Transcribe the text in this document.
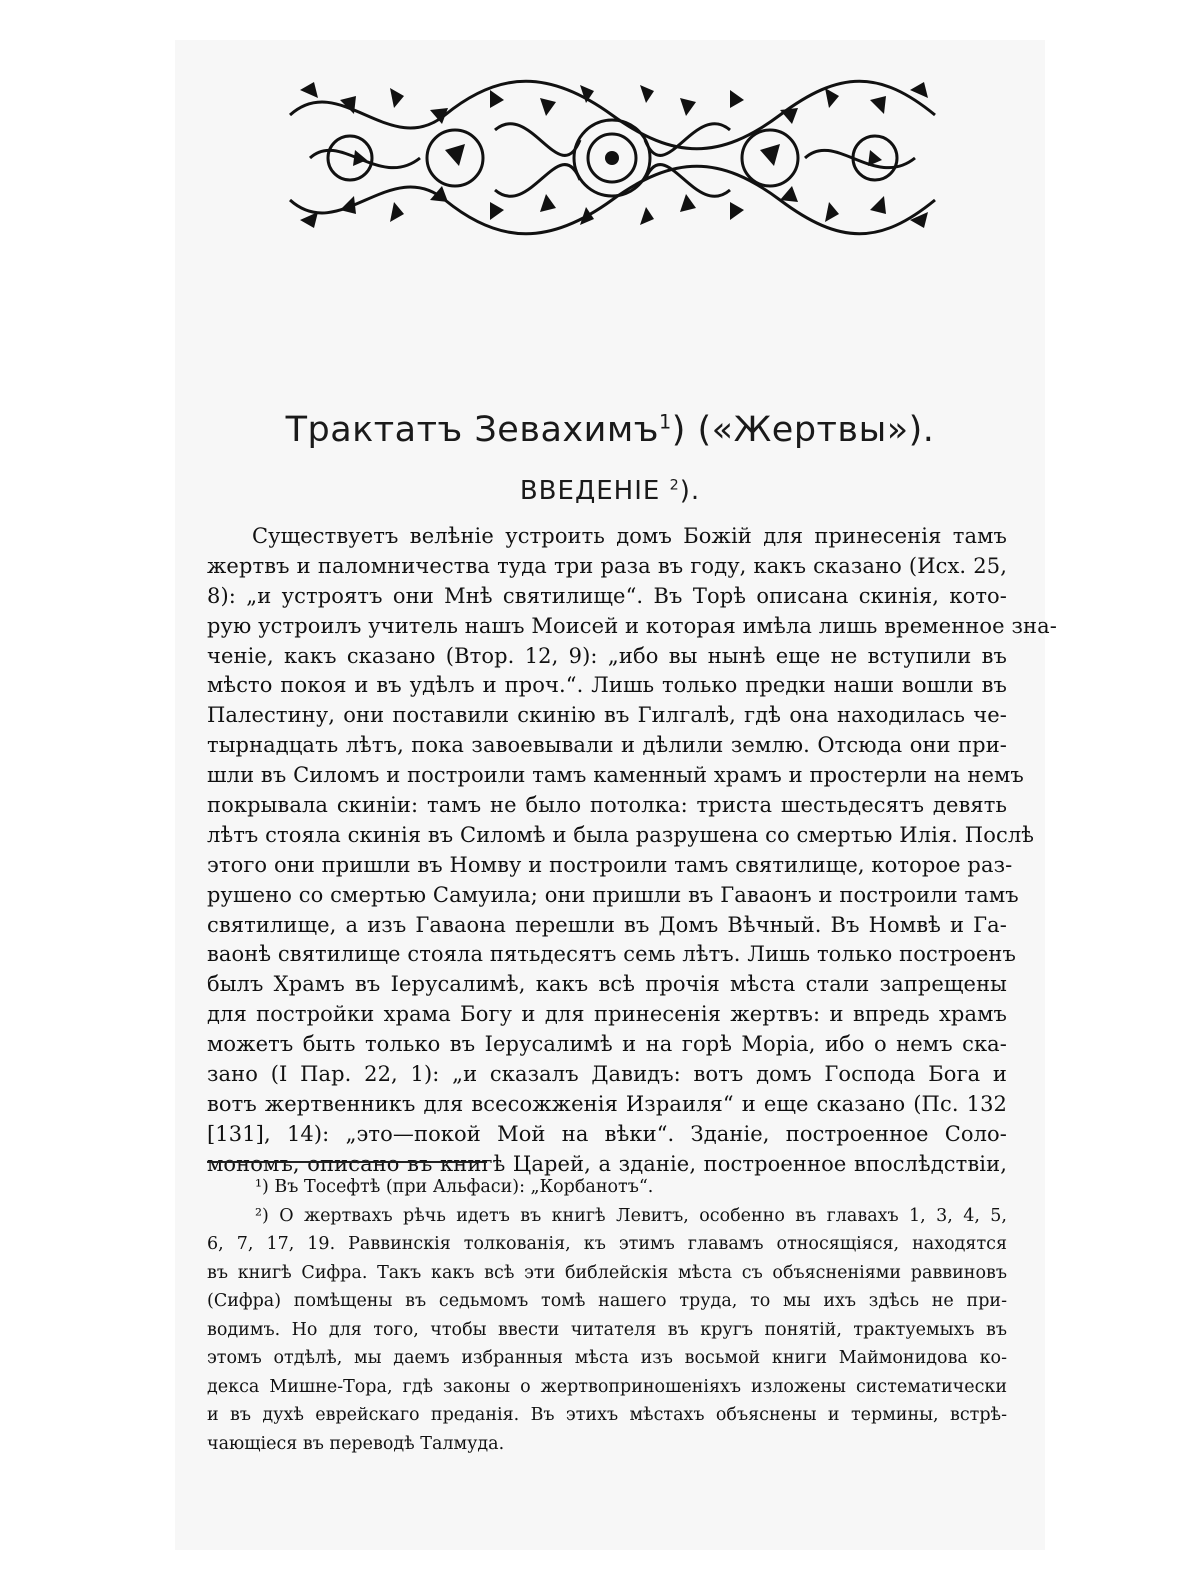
Трактатъ Зевахимъ$^1$) («Жертвы»).
ВВЕДЕНІЕ $^2$).
Существуетъ велѣніе устроить домъ Божій для принесенія тамъ
жертвъ и паломничества туда три раза въ году, какъ сказано (Исх. 25,
8): „и устроятъ они Мнѣ святилище“. Въ Торѣ описана скинія, кото-
рую устроилъ учитель нашъ Моисей и которая имѣла лишь временное зна-
ченіе, какъ сказано (Втор. 12, 9): „ибо вы нынѣ еще не вступили въ
мѣсто покоя и въ удѣлъ и проч.“. Лишь только предки наши вошли въ
Палестину, они поставили скинію въ Гилгалѣ, гдѣ она находилась че-
тырнадцать лѣтъ, пока завоевывали и дѣлили землю. Отсюда они при-
шли въ Силомъ и построили тамъ каменный храмъ и простерли на немъ
покрывала скиніи: тамъ не было потолка: триста шестьдесятъ девять
лѣтъ стояла скинія въ Силомѣ и была разрушена со смертью Илія. Послѣ
этого они пришли въ Номву и построили тамъ святилище, которое раз-
рушено со смертью Самуила; они пришли въ Гаваонъ и построили тамъ
святилище, а изъ Гаваона перешли въ Домъ Вѣчный. Въ Номвѣ и Га-
ваонѣ святилище стояла пятьдесятъ семь лѣтъ. Лишь только построенъ
былъ Храмъ въ Іерусалимѣ, какъ всѣ прочія мѣста стали запрещены
для постройки храма Богу и для принесенія жертвъ: и впредь храмъ
можетъ быть только въ Іерусалимѣ и на горѣ Моріа, ибо о немъ ска-
зано (I Пар. 22, 1): „и сказалъ Давидъ: вотъ домъ Господа Бога и
вотъ жертвенникъ для всесожженія Израиля“ и еще сказано (Пс. 132
[131], 14): „это—покой Мой на вѣки“. Зданіе, построенное Соло-
мономъ, описано въ книгѣ Царей, а зданіе, построенное впослѣдствіи,
¹) Въ Тосефтѣ (при Альфаси): „Корбанотъ“.
²) О жертвахъ рѣчь идетъ въ книгѣ Левитъ, особенно въ главахъ 1, 3, 4, 5,
6, 7, 17, 19. Раввинскія толкованія, къ этимъ главамъ относящіяся, находятся
въ книгѣ Сифра. Такъ какъ всѣ эти библейскія мѣста съ объясненіями раввиновъ
(Сифра) помѣщены въ седьмомъ томѣ нашего труда, то мы ихъ здѣсь не при-
водимъ. Но для того, чтобы ввести читателя въ кругъ понятій, трактуемыхъ въ
этомъ отдѣлѣ, мы даемъ избранныя мѣста изъ восьмой книги Маймонидова ко-
декса Мишне-Тора, гдѣ законы о жертвоприношеніяхъ изложены систематически
и въ духѣ еврейскаго преданія. Въ этихъ мѣстахъ объяснены и термины, встрѣ-
чающіеся въ переводѣ Талмуда.
